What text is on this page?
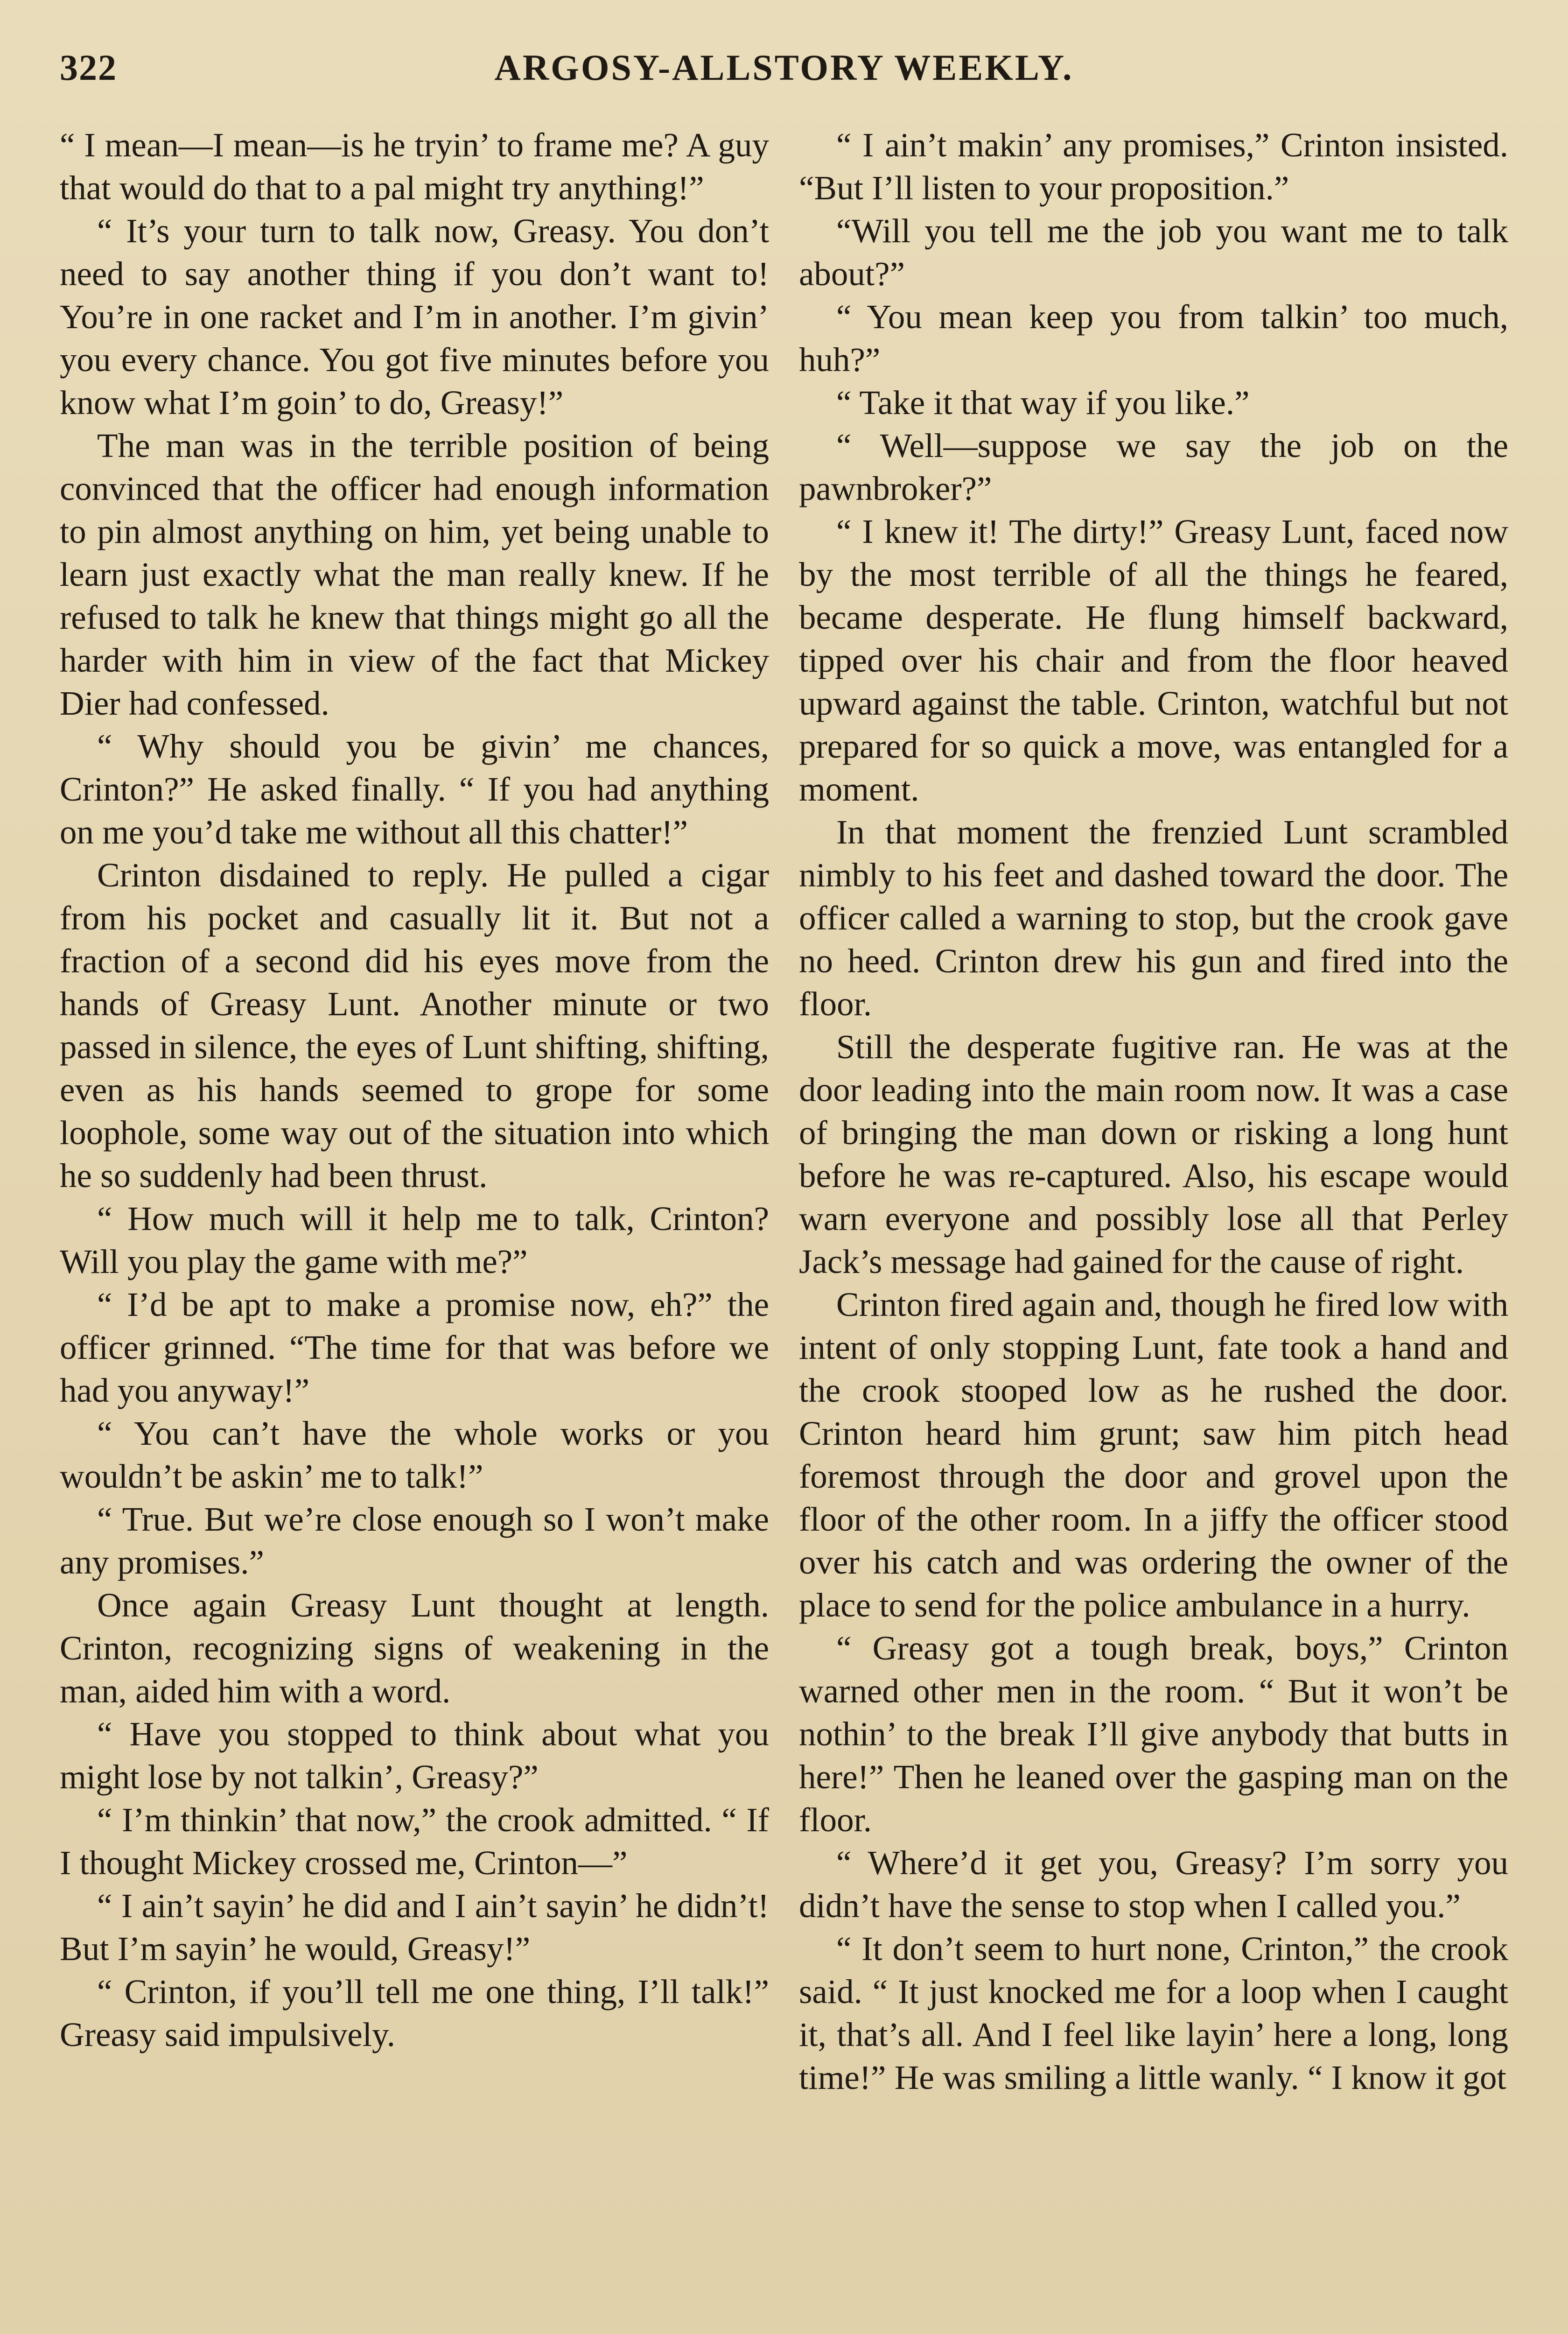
322	ARGOSY-ALLSTORY WEEKLY.

“ I mean—I mean—is he tryin’ to frame me? A guy that would do that to a pal might try anything!”

“ It’s your turn to talk now, Greasy. You don’t need to say another thing if you don’t want to! You’re in one racket and I’m in another. I’m givin’ you every chance. You got five minutes before you know what I’m goin’ to do, Greasy!”

The man was in the terrible position of being convinced that the officer had enough information to pin almost anything on him, yet being unable to learn just exactly what the man really knew. If he refused to talk he knew that things might go all the harder with him in view of the fact that Mickey Dier had confessed.

“ Why should you be givin’ me chances, Crinton?” He asked finally. “ If you had anything on me you’d take me without all this chatter!”

Crinton disdained to reply. He pulled a cigar from his pocket and casually lit it. But not a fraction of a second did his eyes move from the hands of Greasy Lunt. Another minute or two passed in silence, the eyes of Lunt shifting, shifting, even as his hands seemed to grope for some loophole, some way out of the situation into which he so suddenly had been thrust.

“ How much will it help me to talk, Crinton? Will you play the game with me?”

“ I’d be apt to make a promise now, eh?” the officer grinned. “The time for that was before we had you anyway!”

“ You can’t have the whole works or you wouldn’t be askin’ me to talk!”

“ True. But we’re close enough so I won’t make any promises.”

Once again Greasy Lunt thought at length. Crinton, recognizing signs of weakening in the man, aided him with a word.

“ Have you stopped to think about what you might lose by not talkin’, Greasy?”

“ I’m thinkin’ that now,” the crook admitted. “ If I thought Mickey crossed me, Crinton—”

“ I ain’t sayin’ he did and I ain’t sayin’ he didn’t! But I’m sayin’ he would, Greasy!”

“ Crinton, if you’ll tell me one thing, I’ll talk!” Greasy said impulsively.

“ I ain’t makin’ any promises,” Crinton insisted. “But I’ll listen to your proposition.”

“Will you tell me the job you want me to talk about?”

“ You mean keep you from talkin’ too much, huh?”

“ Take it that way if you like.”

“ Well—suppose we say the job on the pawnbroker?”

“ I knew it! The dirty!” Greasy Lunt, faced now by the most terrible of all the things he feared, became desperate. He flung himself backward, tipped over his chair and from the floor heaved upward against the table. Crinton, watchful but not prepared for so quick a move, was entangled for a moment.

In that moment the frenzied Lunt scrambled nimbly to his feet and dashed toward the door. The officer called a warning to stop, but the crook gave no heed. Crinton drew his gun and fired into the floor.

Still the desperate fugitive ran. He was at the door leading into the main room now. It was a case of bringing the man down or risking a long hunt before he was re-captured. Also, his escape would warn everyone and possibly lose all that Perley Jack’s message had gained for the cause of right.

Crinton fired again and, though he fired low with intent of only stopping Lunt, fate took a hand and the crook stooped low as he rushed the door. Crinton heard him grunt; saw him pitch head foremost through the door and grovel upon the floor of the other room. In a jiffy the officer stood over his catch and was ordering the owner of the place to send for the police ambulance in a hurry.

“ Greasy got a tough break, boys,” Crinton warned other men in the room. “ But it won’t be nothin’ to the break I’ll give anybody that butts in here!” Then he leaned over the gasping man on the floor.

“ Where’d it get you, Greasy? I’m sorry you didn’t have the sense to stop when I called you.”

“ It don’t seem to hurt none, Crinton,” the crook said. “ It just knocked me for a loop when I caught it, that’s all. And I feel like layin’ here a long, long time!” He was smiling a little wanly. “ I know it got
